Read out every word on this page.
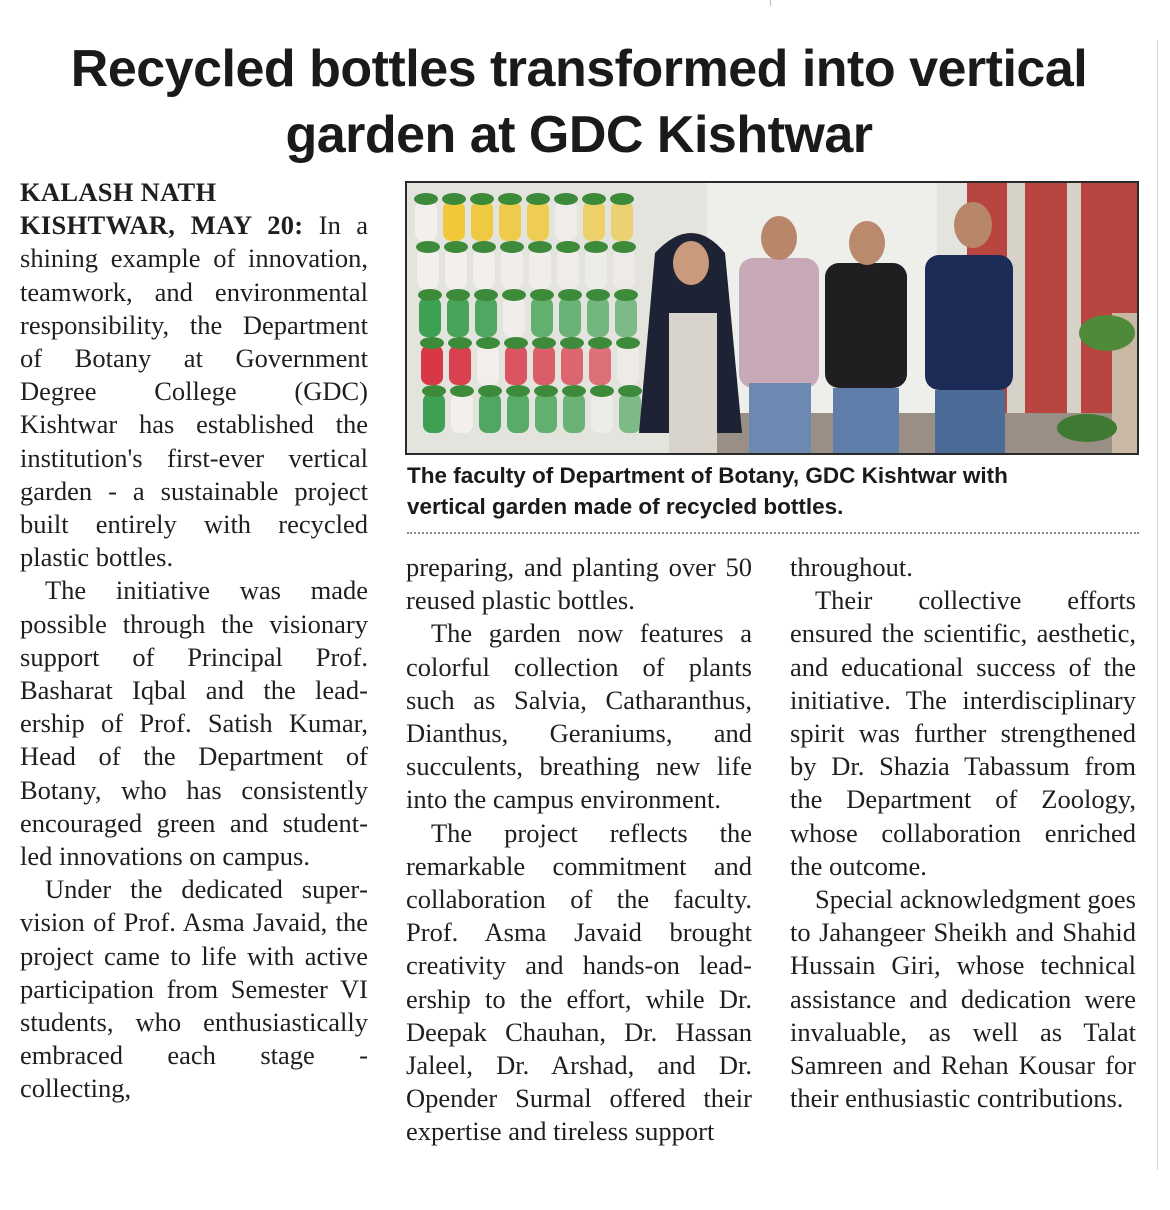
Recycled bottles transformed into vertical
garden at GDC Kishtwar

KALASH NATH

KISHTWAR, MAY 20: In a shining example of innovation, teamwork, and environmental responsibility, the Department of Botany at Government Degree College (GDC) Kishtwar has established the institution's first-ever vertical garden - a sustainable project built entirely with recycled plastic bottles.

The initiative was made possible through the visionary support of Principal Prof. Basharat Iqbal and the leadership of Prof. Satish Kumar, Head of the Department of Botany, who has consistently encouraged green and student-led innovations on campus.

Under the dedicated supervision of Prof. Asma Javaid, the project came to life with active participation from Semester VI students, who enthusiastically embraced each stage - collecting,

The faculty of Department of Botany, GDC Kishtwar with
vertical garden made of recycled bottles.

preparing, and planting over 50 reused plastic bottles.

The garden now features a colorful collection of plants such as Salvia, Catharanthus, Dianthus, Geraniums, and succulents, breathing new life into the campus environment.

The project reflects the remarkable commitment and collaboration of the faculty. Prof. Asma Javaid brought creativity and hands-on leadership to the effort, while Dr. Deepak Chauhan, Dr. Hassan Jaleel, Dr. Arshad, and Dr. Opender Surmal offered their expertise and tireless support

throughout.

Their collective efforts ensured the scientific, aesthetic, and educational success of the initiative. The interdisciplinary spirit was further strengthened by Dr. Shazia Tabassum from the Department of Zoology, whose collaboration enriched the outcome.

Special acknowledgment goes to Jahangeer Sheikh and Shahid Hussain Giri, whose technical assistance and dedication were invaluable, as well as Talat Samreen and Rehan Kousar for their enthusiastic contributions.
